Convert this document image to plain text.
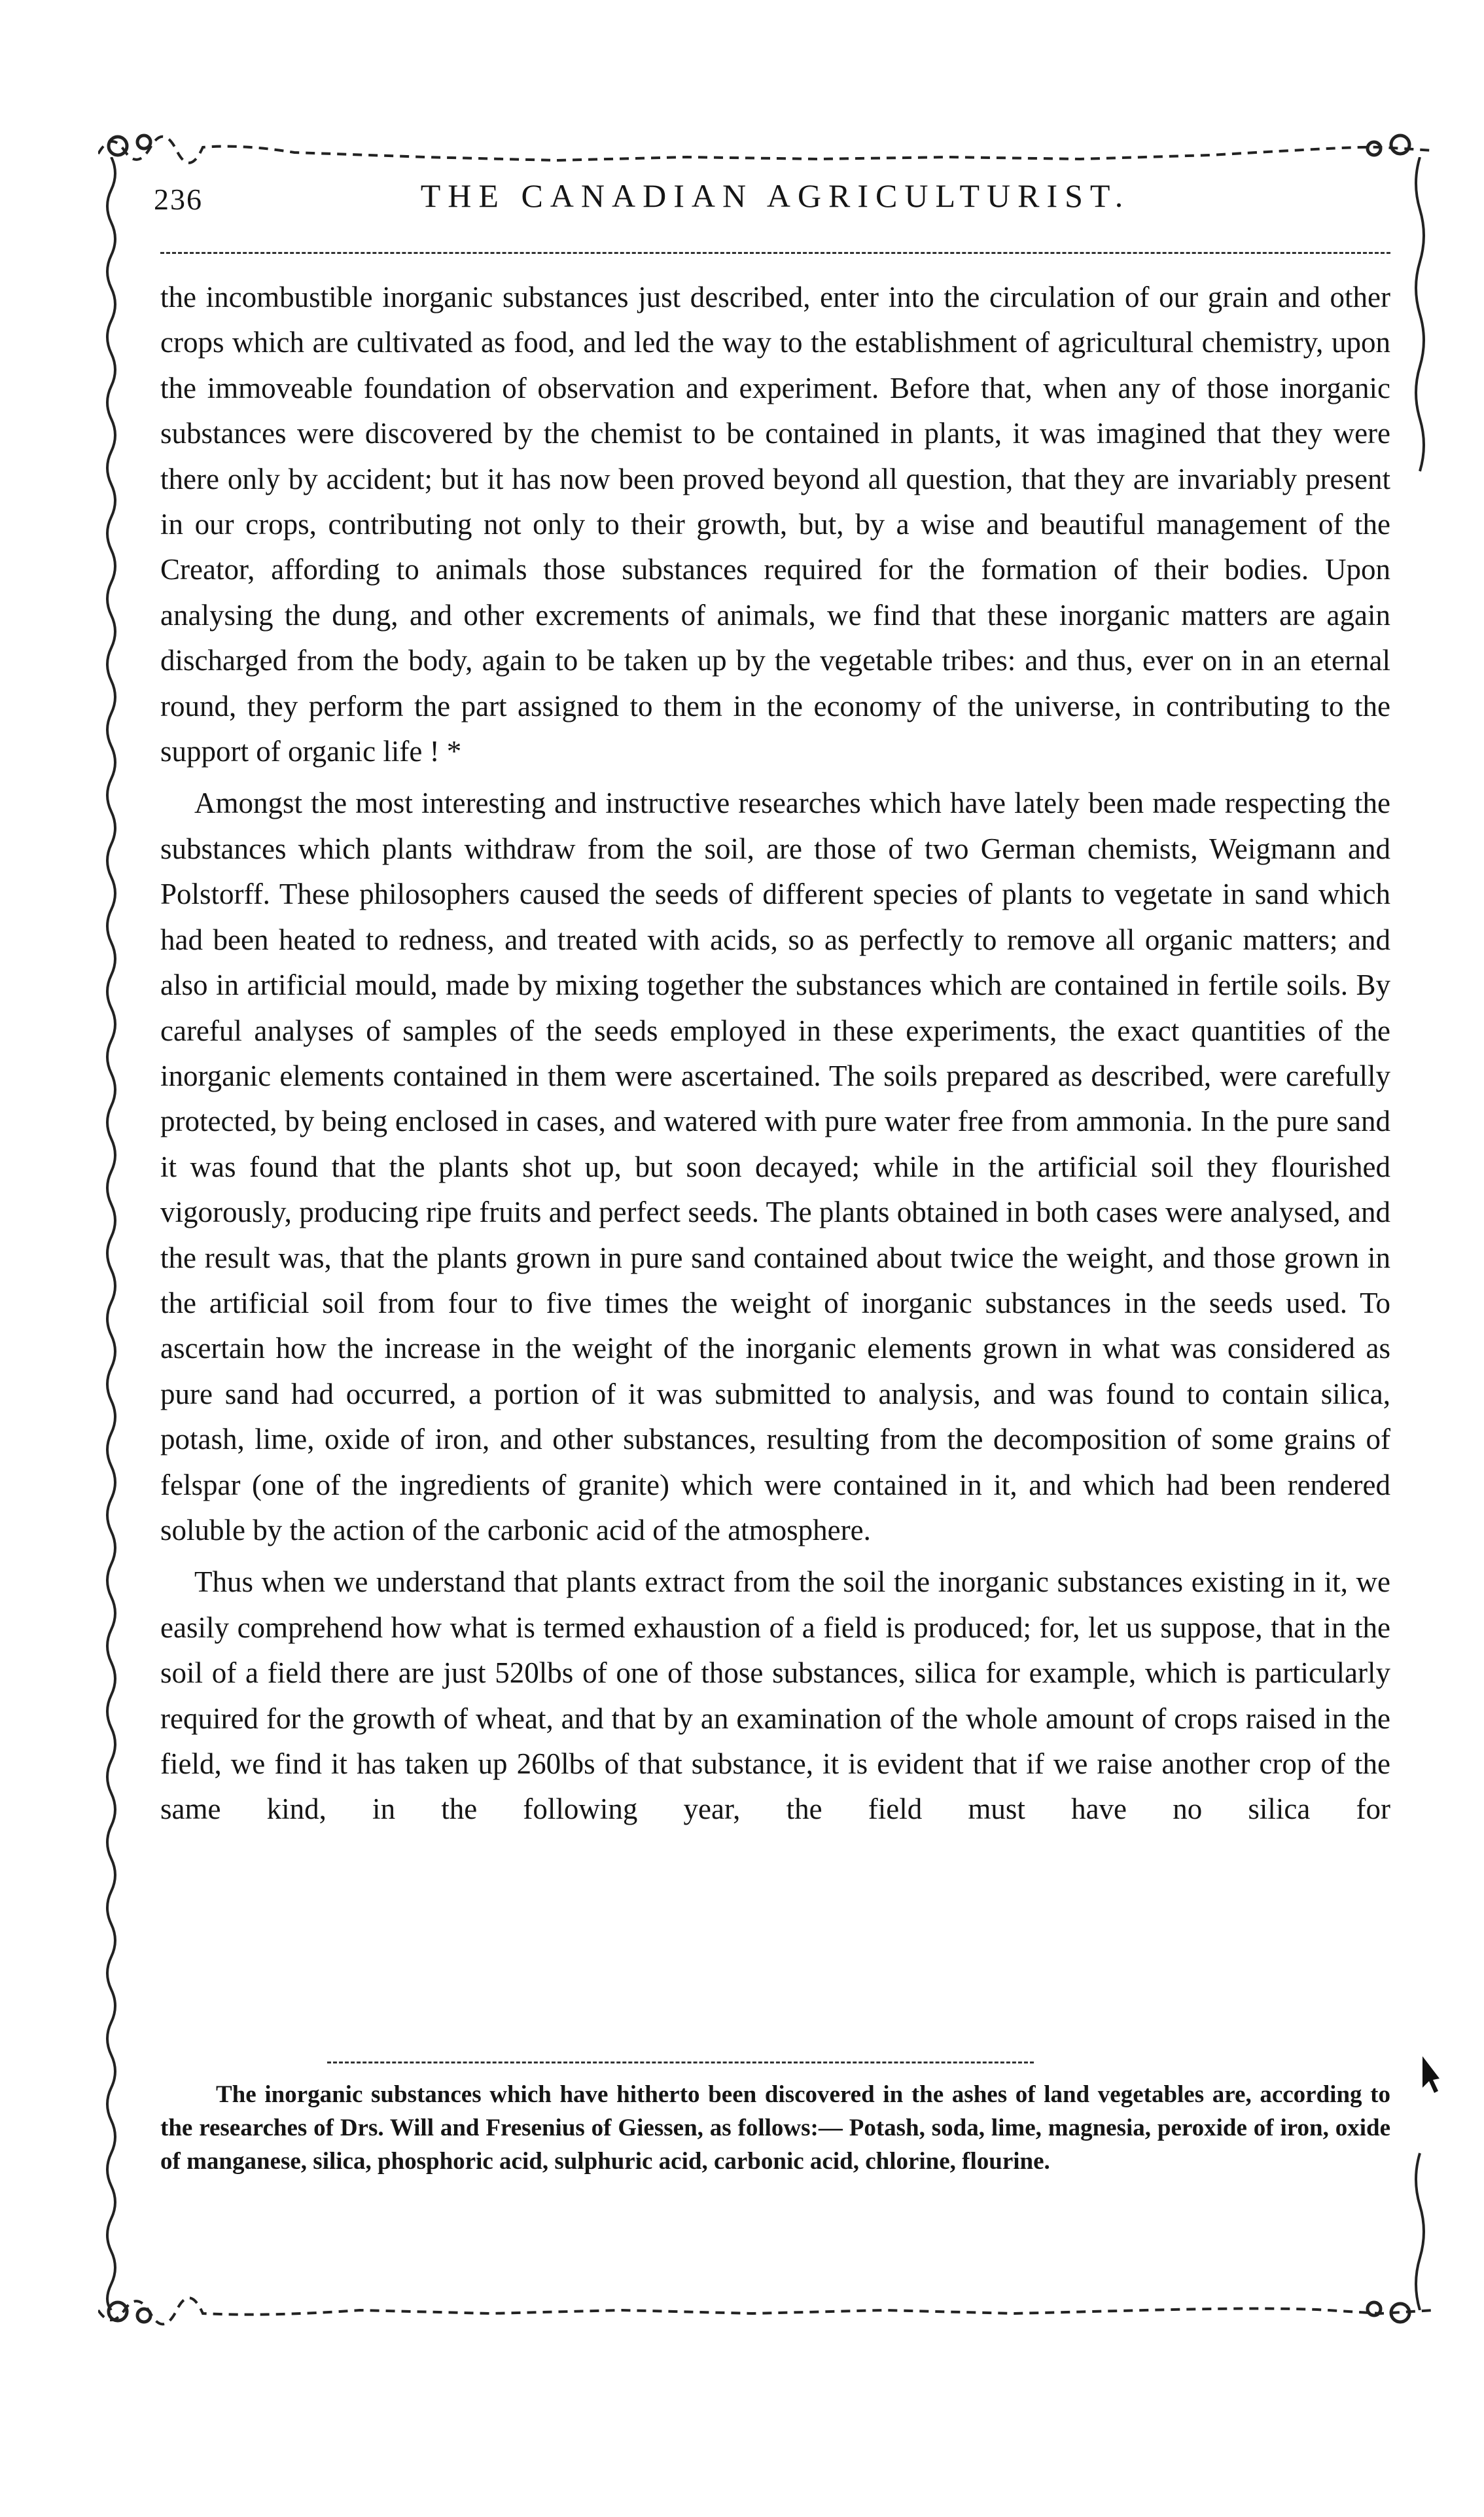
236	THE CANADIAN AGRICULTURIST.

the incombustible inorganic substances just described, enter into the circulation of our grain and other crops which are cultivated as food, and led the way to the establishment of agricultural chemistry, upon the immoveable foundation of observation and experiment. Before that, when any of those inorganic substances were discovered by the chemist to be contained in plants, it was imagined that they were there only by accident; but it has now been proved beyond all question, that they are invariably present in our crops, contributing not only to their growth, but, by a wise and beautiful management of the Creator, affording to animals those substances required for the formation of their bodies. Upon analysing the dung, and other excrements of animals, we find that these inorganic matters are again discharged from the body, again to be taken up by the vegetable tribes: and thus, ever on in an eternal round, they perform the part assigned to them in the economy of the universe, in contributing to the support of organic life ! *

Amongst the most interesting and instructive researches which have lately been made respecting the substances which plants withdraw from the soil, are those of two German chemists, Weigmann and Polstorff. These philosophers caused the seeds of different species of plants to vegetate in sand which had been heated to redness, and treated with acids, so as perfectly to remove all organic matters; and also in artificial mould, made by mixing together the substances which are contained in fertile soils. By careful analyses of samples of the seeds employed in these experiments, the exact quantities of the inorganic elements contained in them were ascertained. The soils prepared as described, were carefully protected, by being enclosed in cases, and watered with pure water free from ammonia. In the pure sand it was found that the plants shot up, but soon decayed; while in the artificial soil they flourished vigorously, producing ripe fruits and perfect seeds. The plants obtained in both cases were analysed, and the result was, that the plants grown in pure sand contained about twice the weight, and those grown in the artificial soil from four to five times the weight of inorganic substances in the seeds used. To ascertain how the increase in the weight of the inorganic elements grown in what was considered as pure sand had occurred, a portion of it was submitted to analysis, and was found to contain silica, potash, lime, oxide of iron, and other substances, resulting from the decomposition of some grains of felspar (one of the ingredients of granite) which were contained in it, and which had been rendered soluble by the action of the carbonic acid of the atmosphere.

Thus when we understand that plants extract from the soil the inorganic substances existing in it, we easily comprehend how what is termed exhaustion of a field is produced; for, let us suppose, that in the soil of a field there are just 520lbs of one of those substances, silica for example, which is particularly required for the growth of wheat, and that by an examination of the whole amount of crops raised in the field, we find it has taken up 260lbs of that substance, it is evident that if we raise another crop of the same kind, in the following year, the field must have no silica for

The inorganic substances which have hitherto been discovered in the ashes of land vegetables are, according to the researches of Drs. Will and Fresenius of Giessen, as follows:— Potash, soda, lime, magnesia, peroxide of iron, oxide of manganese, silica, phosphoric acid, sulphuric acid, carbonic acid, chlorine, flourine.
